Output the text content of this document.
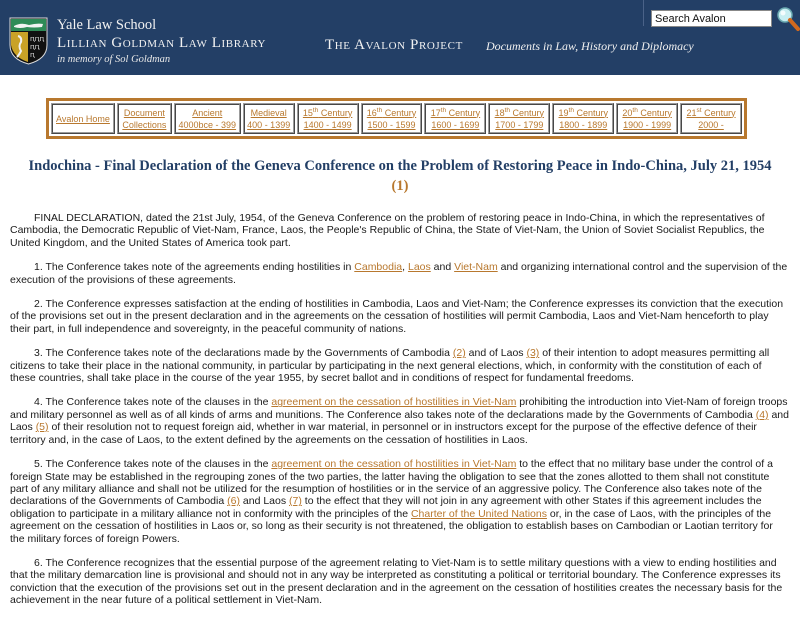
ԥԥԥ
ԥԥ
ԥ
Yale Law School
Lillian Goldman Law Library
in memory of Sol Goldman
The Avalon Project Documents in Law, History and Diplomacy
Search Avalon
Avalon Home
Document
Collections
Ancient
4000bce - 399
Medieval
400 - 1399
15th Century
1400 - 1499
16th Century
1500 - 1599
17th Century
1600 - 1699
18th Century
1700 - 1799
19th Century
1800 - 1899
20th Century
1900 - 1999
21st Century
2000 -
Indochina - Final Declaration of the Geneva Conference on the Problem of Restoring Peace in Indo-China, July 21, 1954 (1)

FINAL DECLARATION, dated the 21st July, 1954, of the Geneva Conference on the problem of restoring peace in Indo-China, in which the representatives of Cambodia, the Democratic Republic of Viet-Nam, France, Laos, the People's Republic of China, the State of Viet-Nam, the Union of Soviet Socialist Republics, the United Kingdom, and the United States of America took part.

1. The Conference takes note of the agreements ending hostilities in Cambodia, Laos and Viet-Nam and organizing international control and the supervision of the execution of the provisions of these agreements.

2. The Conference expresses satisfaction at the ending of hostilities in Cambodia, Laos and Viet-Nam; the Conference expresses its conviction that the execution of the provisions set out in the present declaration and in the agreements on the cessation of hostilities will permit Cambodia, Laos and Viet-Nam henceforth to play their part, in full independence and sovereignty, in the peaceful community of nations.

3. The Conference takes note of the declarations made by the Governments of Cambodia (2) and of Laos (3) of their intention to adopt measures permitting all citizens to take their place in the national community, in particular by participating in the next general elections, which, in conformity with the constitution of each of these countries, shall take place in the course of the year 1955, by secret ballot and in conditions of respect for fundamental freedoms.

4. The Conference takes note of the clauses in the agreement on the cessation of hostilities in Viet-Nam prohibiting the introduction into Viet-Nam of foreign troops and military personnel as well as of all kinds of arms and munitions. The Conference also takes note of the declarations made by the Governments of Cambodia (4) and Laos (5) of their resolution not to request foreign aid, whether in war material, in personnel or in instructors except for the purpose of the effective defence of their territory and, in the case of Laos, to the extent defined by the agreements on the cessation of hostilities in Laos.

5. The Conference takes note of the clauses in the agreement on the cessation of hostilities in Viet-Nam to the effect that no military base under the control of a foreign State may be established in the regrouping zones of the two parties, the latter having the obligation to see that the zones allotted to them shall not constitute part of any military alliance and shall not be utilized for the resumption of hostilities or in the service of an aggressive policy. The Conference also takes note of the declarations of the Governments of Cambodia (6) and Laos (7) to the effect that they will not join in any agreement with other States if this agreement includes the obligation to participate in a military alliance not in conformity with the principles of the Charter of the United Nations or, in the case of Laos, with the principles of the agreement on the cessation of hostilities in Laos or, so long as their security is not threatened, the obligation to establish bases on Cambodian or Laotian territory for the military forces of foreign Powers.

6. The Conference recognizes that the essential purpose of the agreement relating to Viet-Nam is to settle military questions with a view to ending hostilities and that the military demarcation line is provisional and should not in any way be interpreted as constituting a political or territorial boundary. The Conference expresses its conviction that the execution of the provisions set out in the present declaration and in the agreement on the cessation of hostilities creates the necessary basis for the achievement in the near future of a political settlement in Viet-Nam.
